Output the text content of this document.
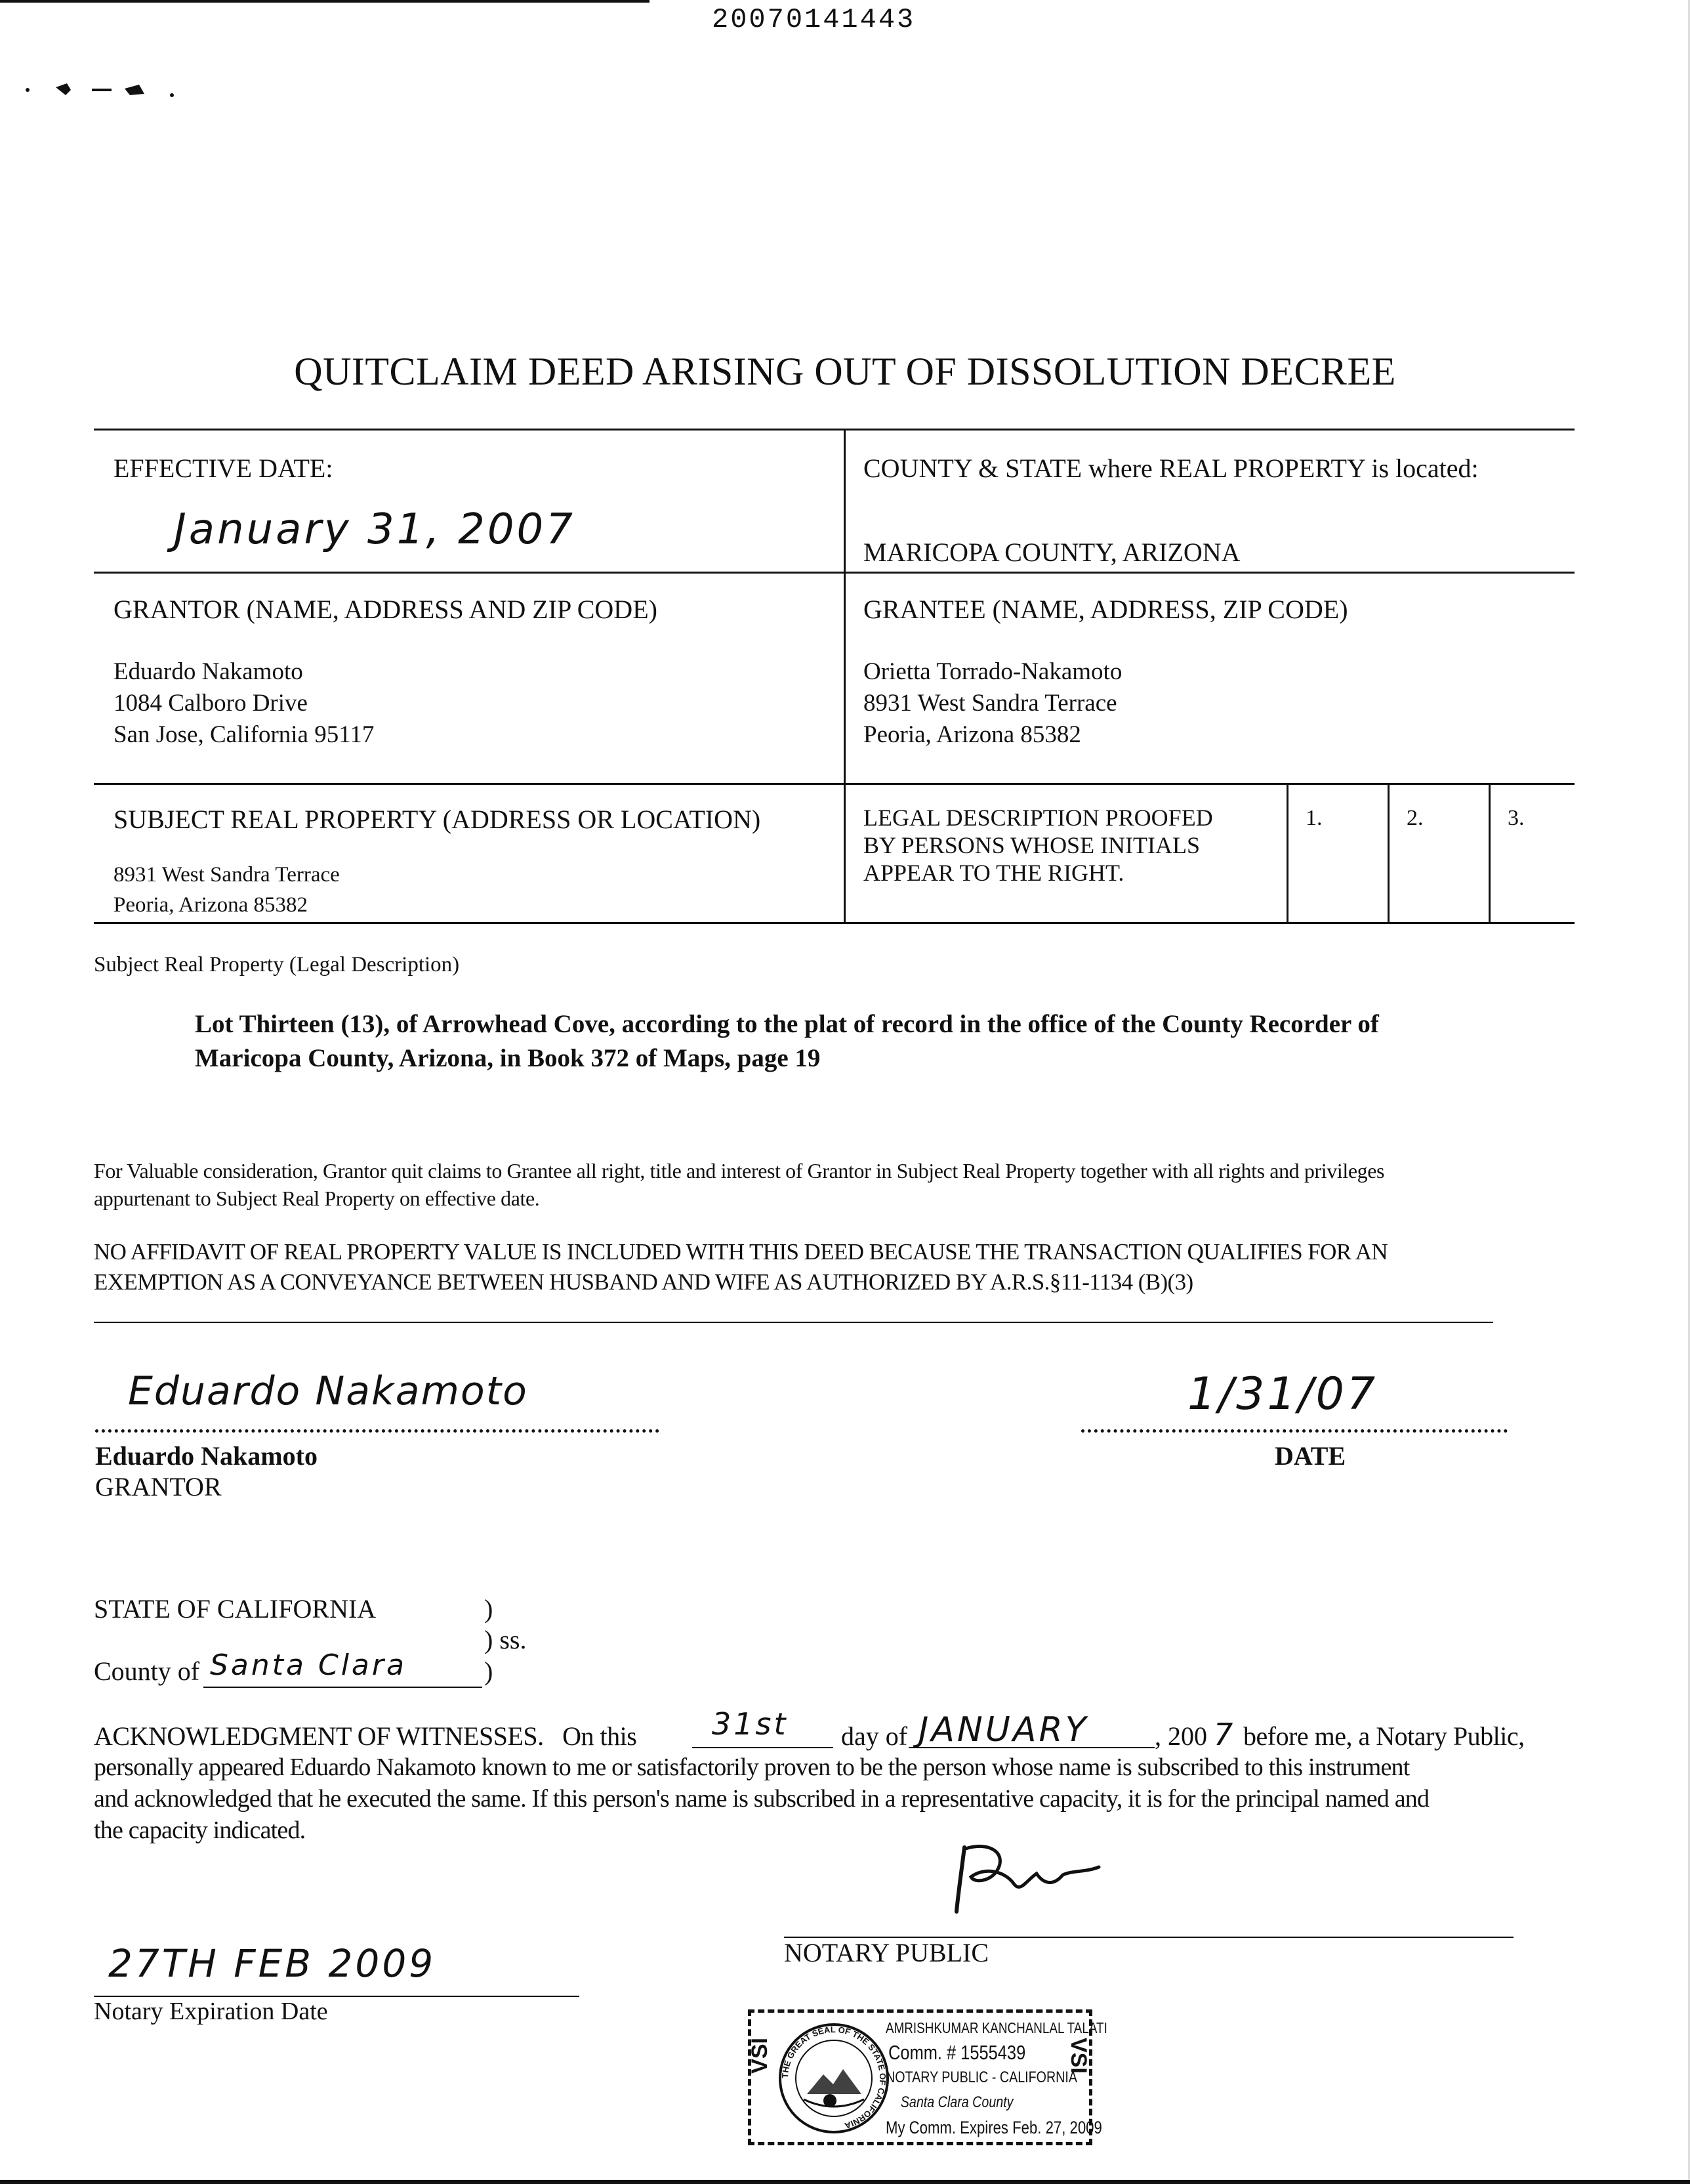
20070141443
QUITCLAIM DEED ARISING OUT OF DISSOLUTION DECREE
EFFECTIVE DATE:
January 31, 2007
COUNTY & STATE where REAL PROPERTY is located:
MARICOPA COUNTY, ARIZONA
GRANTOR (NAME, ADDRESS AND ZIP CODE)
Eduardo Nakamoto
1084 Calboro Drive
San Jose, California 95117
GRANTEE (NAME, ADDRESS, ZIP CODE)
Orietta Torrado-Nakamoto
8931 West Sandra Terrace
Peoria, Arizona 85382
SUBJECT REAL PROPERTY (ADDRESS OR LOCATION)
8931 West Sandra Terrace
Peoria, Arizona 85382
LEGAL DESCRIPTION PROOFED
BY PERSONS WHOSE INITIALS
APPEAR TO THE RIGHT.
1.	2.	3.
Subject Real Property (Legal Description)
Lot Thirteen (13), of Arrowhead Cove, according to the plat of record in the office of the County Recorder of
Maricopa County, Arizona, in Book 372 of Maps, page 19
For Valuable consideration, Grantor quit claims to Grantee all right, title and interest of Grantor in Subject Real Property together with all rights and privileges
appurtenant to Subject Real Property on effective date.
NO AFFIDAVIT OF REAL PROPERTY VALUE IS INCLUDED WITH THIS DEED BECAUSE THE TRANSACTION QUALIFIES FOR AN
EXEMPTION AS A CONVEYANCE BETWEEN HUSBAND AND WIFE AS AUTHORIZED BY A.R.S.§11-1134 (B)(3)
Eduardo Nakamoto
Eduardo Nakamoto
GRANTOR
1/31/07
DATE
STATE OF CALIFORNIA	)
) ss.
County of Santa Clara	)
ACKNOWLEDGMENT OF WITNESSES.   On this 31st day of JANUARY	, 200 7 before me, a Notary Public,
personally appeared Eduardo Nakamoto known to me or satisfactorily proven to be the person whose name is subscribed to this instrument
and acknowledged that he executed the same. If this person's name is subscribed in a representative capacity, it is for the principal named and
the capacity indicated.
NOTARY PUBLIC
27TH FEB 2009
Notary Expiration Date
VSI
THE GREAT SEAL OF THE STATE OF CALIFORNIA
AMRISHKUMAR KANCHANLAL TALATI
Comm. # 1555439
NOTARY PUBLIC - CALIFORNIA
Santa Clara County
My Comm. Expires Feb. 27, 2009
VSI
